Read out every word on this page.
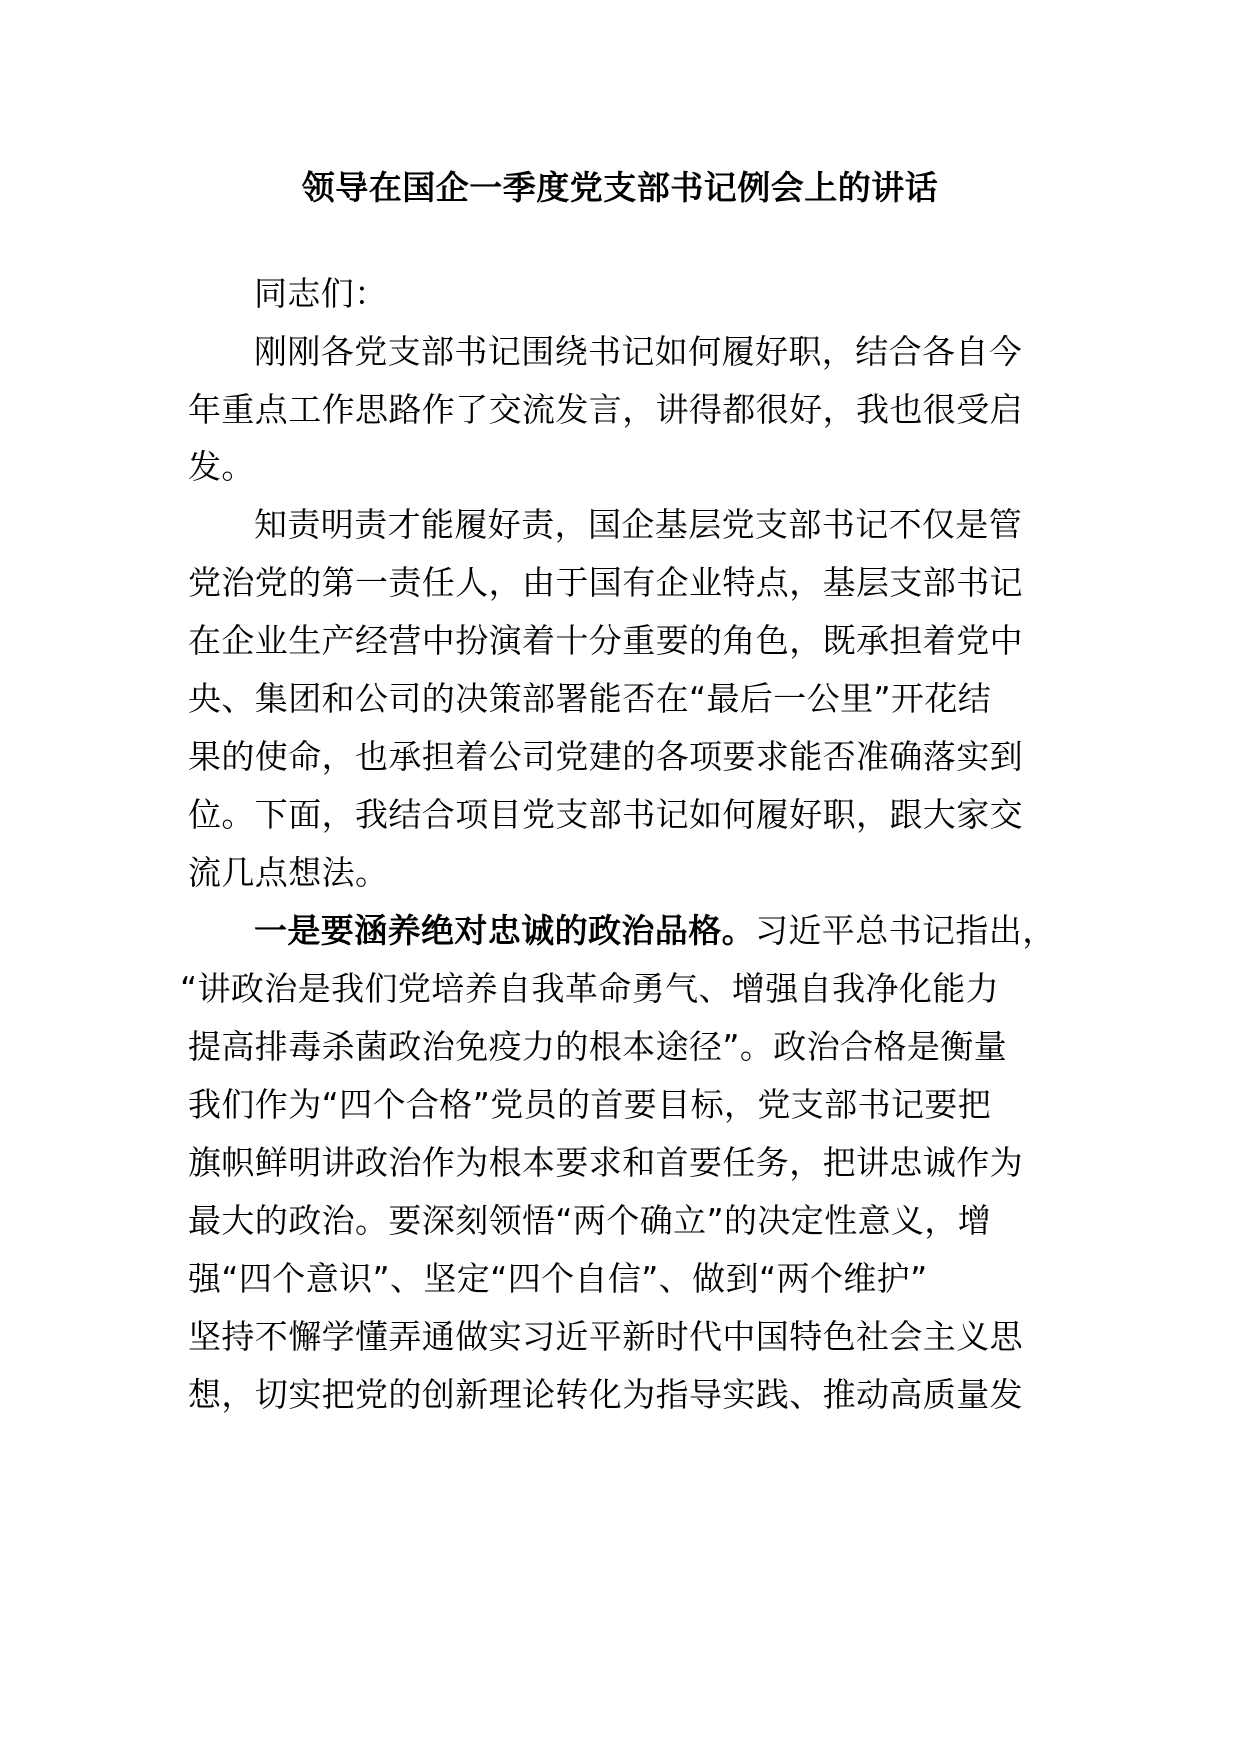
领导在国企一季度党支部书记例会上的讲话
同志们：
刚刚各党支部书记围绕书记如何履好职，结合各自今
年重点工作思路作了交流发言，讲得都很好，我也很受启
发。
知责明责才能履好责，国企基层党支部书记不仅是管
党治党的第一责任人，由于国有企业特点，基层支部书记
在企业生产经营中扮演着十分重要的角色，既承担着党中
央、集团和公司的决策部署能否在“最后一公里”开花结
果的使命，也承担着公司党建的各项要求能否准确落实到
位。下面，我结合项目党支部书记如何履好职，跟大家交
流几点想法。
一是要涵养绝对忠诚的政治品格。习近平总书记指出，
“讲政治是我们党培养自我革命勇气、增强自我净化能力
提高排毒杀菌政治免疫力的根本途径”。政治合格是衡量
我们作为“四个合格”党员的首要目标，党支部书记要把
旗帜鲜明讲政治作为根本要求和首要任务，把讲忠诚作为
最大的政治。要深刻领悟“两个确立”的决定性意义，增
强“四个意识”、坚定“四个自信”、做到“两个维护”
坚持不懈学懂弄通做实习近平新时代中国特色社会主义思
想，切实把党的创新理论转化为指导实践、推动高质量发
